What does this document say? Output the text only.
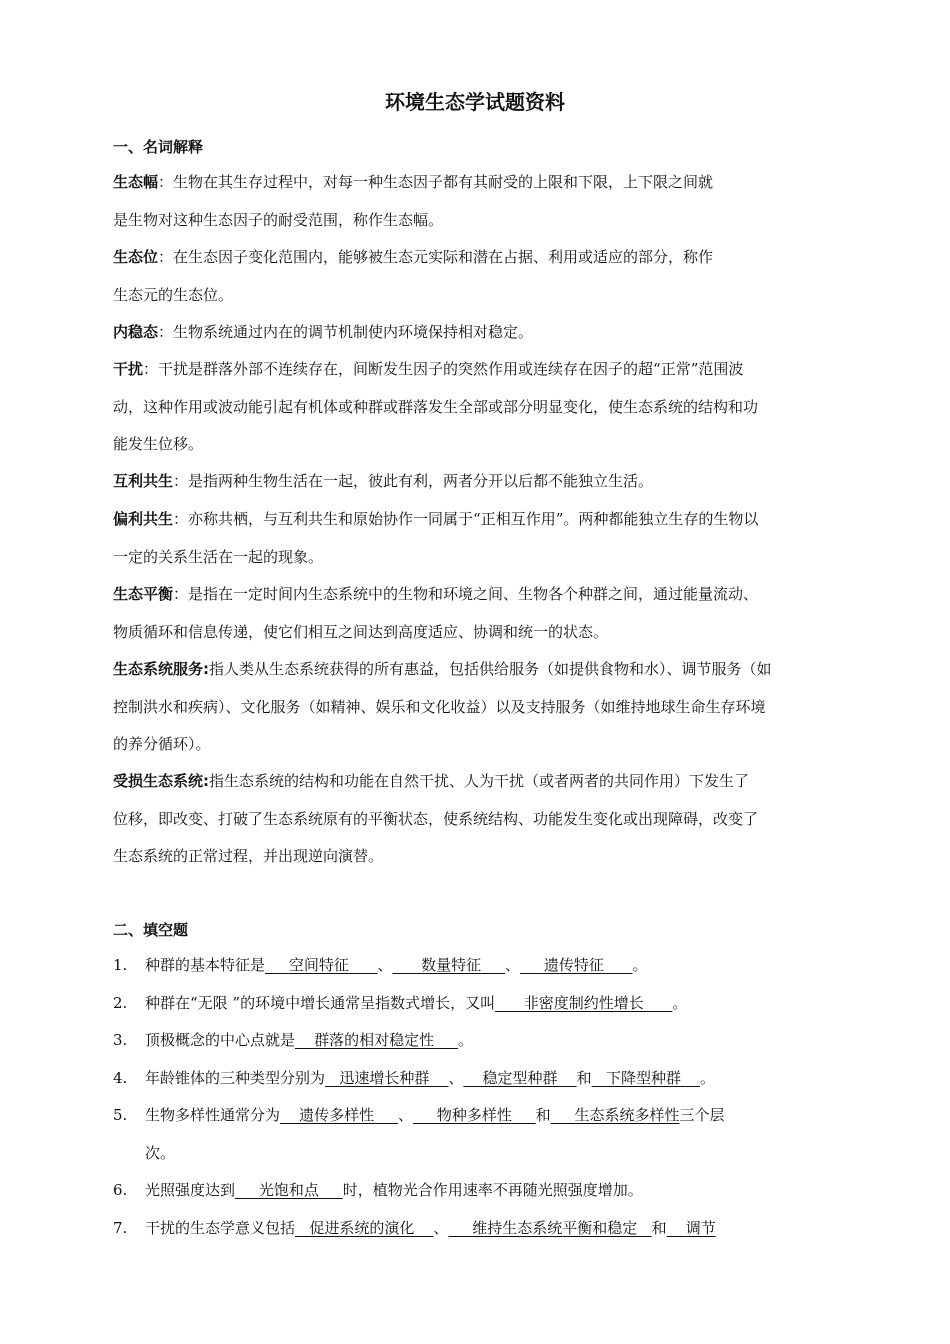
环境生态学试题资料
一、名词解释
生态幅：生物在其生存过程中，对每一种生态因子都有其耐受的上限和下限，上下限之间就
是生物对这种生态因子的耐受范围，称作生态幅。
生态位：在生态因子变化范围内，能够被生态元实际和潜在占据、利用或适应的部分，称作
生态元的生态位。
内稳态：生物系统通过内在的调节机制使内环境保持相对稳定。
干扰：干扰是群落外部不连续存在，间断发生因子的突然作用或连续存在因子的超“正常”范围波
动，这种作用或波动能引起有机体或种群或群落发生全部或部分明显变化，使生态系统的结构和功
能发生位移。
互利共生：是指两种生物生活在一起，彼此有利，两者分开以后都不能独立生活。
偏利共生：亦称共栖，与互利共生和原始协作一同属于“正相互作用”。两种都能独立生存的生物以
一定的关系生活在一起的现象。
生态平衡：是指在一定时间内生态系统中的生物和环境之间、生物各个种群之间，通过能量流动、
物质循环和信息传递，使它们相互之间达到高度适应、协调和统一的状态。
生态系统服务:指人类从生态系统获得的所有惠益，包括供给服务（如提供食物和水）、调节服务（如
控制洪水和疾病）、文化服务（如精神、娱乐和文化收益）以及支持服务（如维持地球生命生存环境
的养分循环）。
受损生态系统:指生态系统的结构和功能在自然干扰、人为干扰（或者两者的共同作用）下发生了
位移，即改变、打破了生态系统原有的平衡状态，使系统结构、功能发生变化或出现障碍，改变了
生态系统的正常过程，并出现逆向演替。
二、填空题
1.	种群的基本特征是 空间特征 、 数量特征 、 遗传特征 。
2.	种群在“无限 ”的环境中增长通常呈指数式增长，又叫 非密度制约性增长 。
3.	顶极概念的中心点就是 群落的相对稳定性 。
4.	年龄锥体的三种类型分别为 迅速增长种群 、 稳定型种群 和 下降型种群 。
5.	生物多样性通常分为 遗传多样性 、 物种多样性 和 生态系统多样性三个层
次。
6.	光照强度达到 光饱和点 时，植物光合作用速率不再随光照强度增加。
7.	干扰的生态学意义包括 促进系统的演化 、 维持生态系统平衡和稳定 和 调节
